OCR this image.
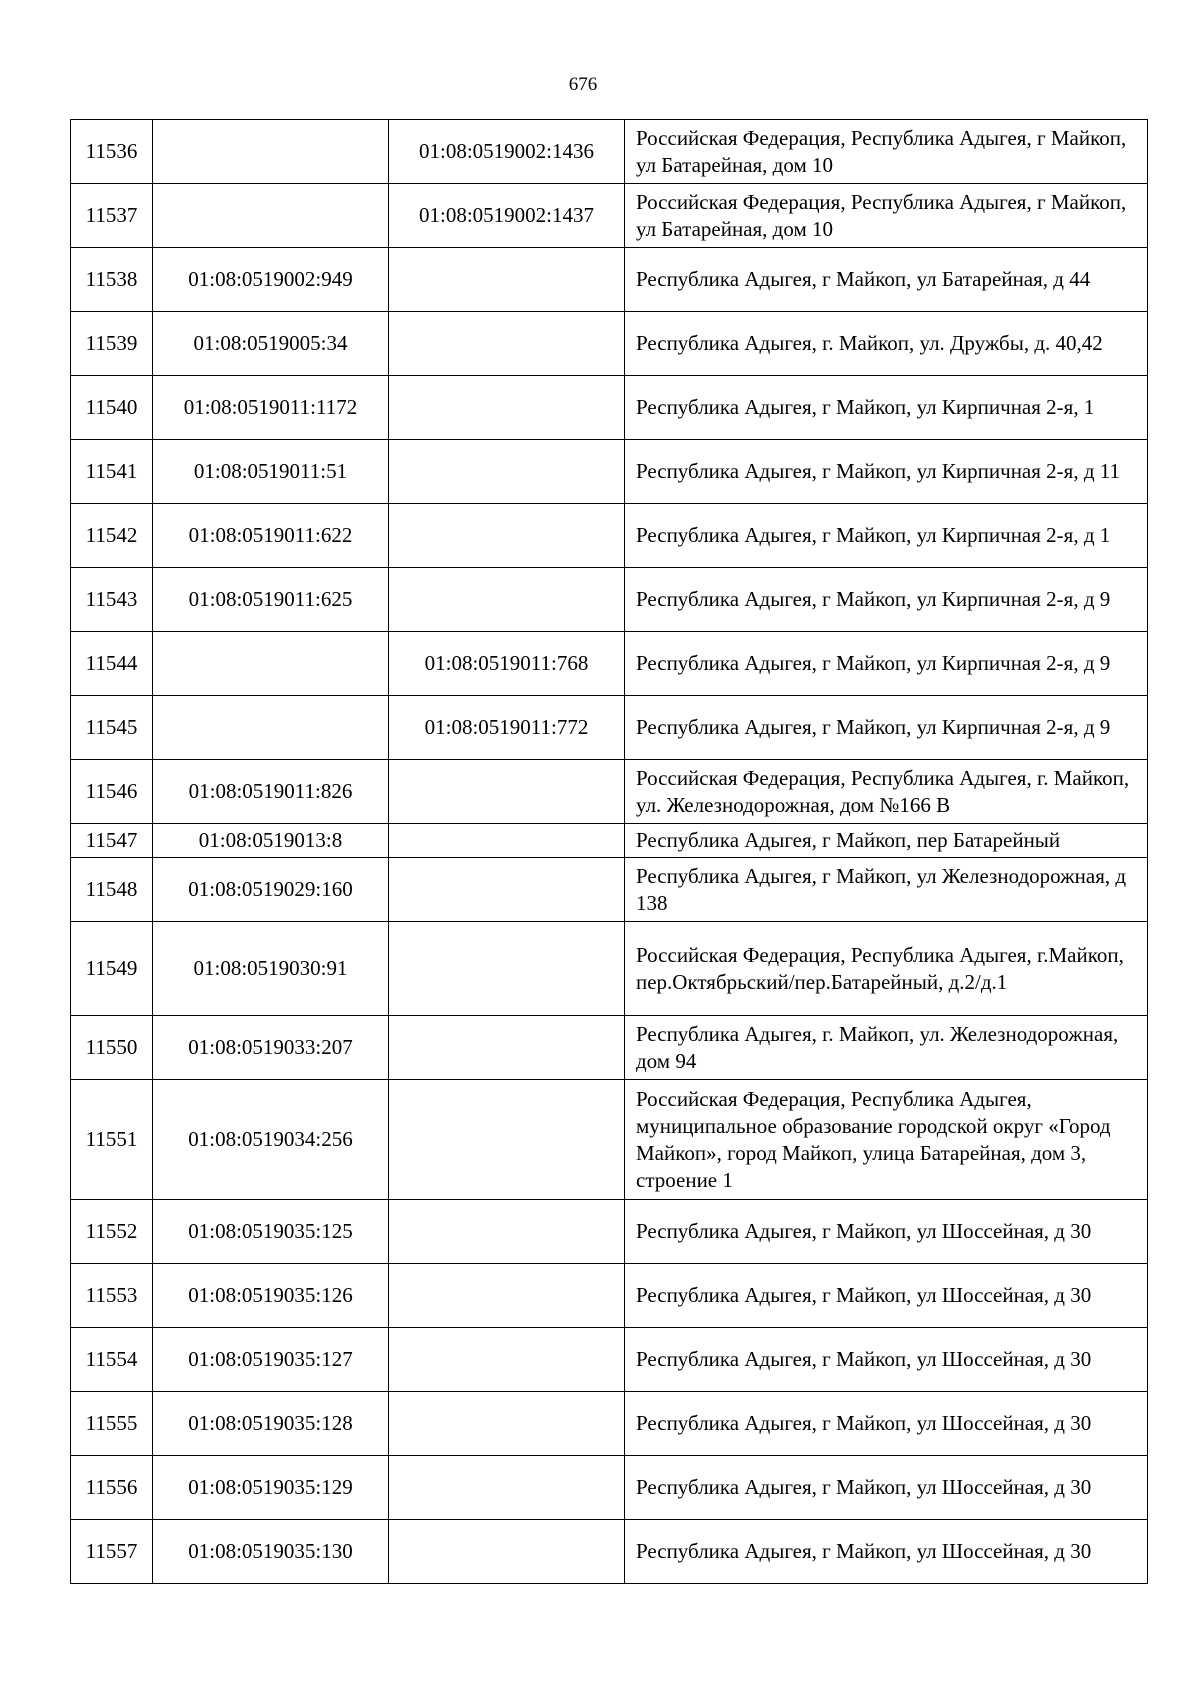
676
11536		01:08:0519002:1436	Российская Федерация, Республика Адыгея, г Майкоп, ул Батарейная, дом 10
11537		01:08:0519002:1437	Российская Федерация, Республика Адыгея, г Майкоп, ул Батарейная, дом 10
11538	01:08:0519002:949		Республика Адыгея, г Майкоп, ул Батарейная, д 44
11539	01:08:0519005:34		Республика Адыгея, г. Майкоп, ул. Дружбы, д. 40,42
11540	01:08:0519011:1172		Республика Адыгея, г Майкоп, ул Кирпичная 2-я, 1
11541	01:08:0519011:51		Республика Адыгея, г Майкоп, ул Кирпичная 2-я, д 11
11542	01:08:0519011:622		Республика Адыгея, г Майкоп, ул Кирпичная 2-я, д 1
11543	01:08:0519011:625		Республика Адыгея, г Майкоп, ул Кирпичная 2-я, д 9
11544		01:08:0519011:768	Республика Адыгея, г Майкоп, ул Кирпичная 2-я, д 9
11545		01:08:0519011:772	Республика Адыгея, г Майкоп, ул Кирпичная 2-я, д 9
11546	01:08:0519011:826		Российская Федерация, Республика Адыгея, г. Майкоп, ул. Железнодорожная, дом №166 В
11547	01:08:0519013:8		Республика Адыгея, г Майкоп, пер Батарейный
11548	01:08:0519029:160		Республика Адыгея, г Майкоп, ул Железнодорожная, д 138
11549	01:08:0519030:91		Российская Федерация, Республика Адыгея, г.Майкоп, пер.Октябрьский/пер.Батарейный, д.2/д.1
11550	01:08:0519033:207		Республика Адыгея, г. Майкоп, ул. Железнодорожная, дом 94
11551	01:08:0519034:256		Российская Федерация, Республика Адыгея, муниципальное образование городской округ «Город Майкоп», город Майкоп, улица Батарейная, дом 3, строение 1
11552	01:08:0519035:125		Республика Адыгея, г Майкоп, ул Шоссейная, д 30
11553	01:08:0519035:126		Республика Адыгея, г Майкоп, ул Шоссейная, д 30
11554	01:08:0519035:127		Республика Адыгея, г Майкоп, ул Шоссейная, д 30
11555	01:08:0519035:128		Республика Адыгея, г Майкоп, ул Шоссейная, д 30
11556	01:08:0519035:129		Республика Адыгея, г Майкоп, ул Шоссейная, д 30
11557	01:08:0519035:130		Республика Адыгея, г Майкоп, ул Шоссейная, д 30
